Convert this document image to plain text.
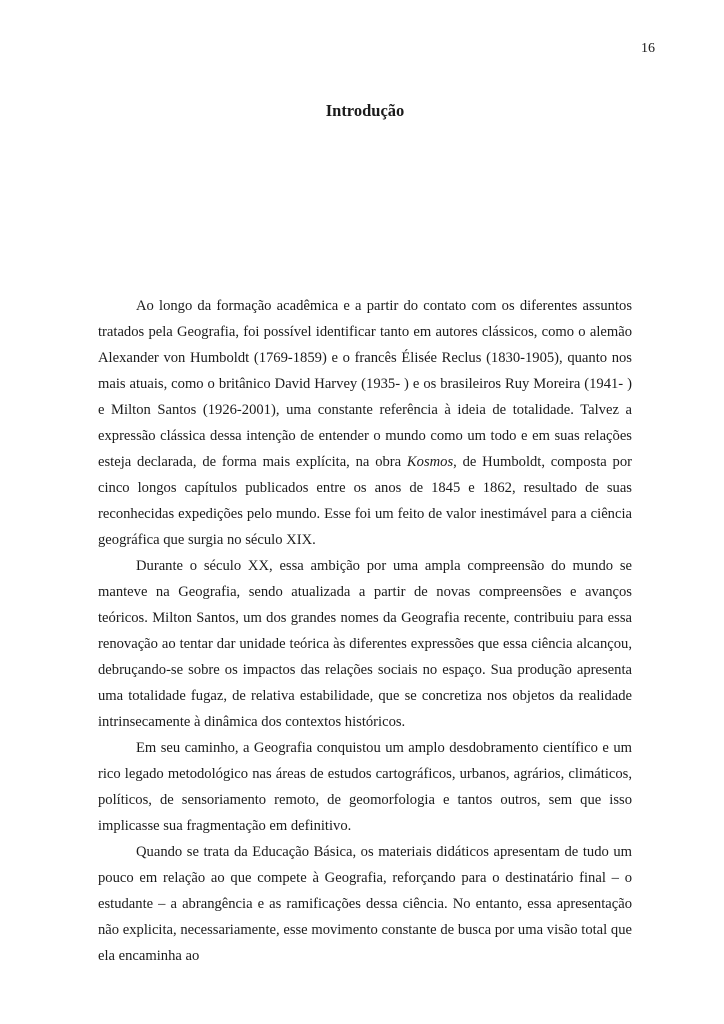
16
Introdução

Ao longo da formação acadêmica e a partir do contato com os diferentes assuntos tratados pela Geografia, foi possível identificar tanto em autores clássicos, como o alemão Alexander von Humboldt (1769-1859) e o francês Élisée Reclus (1830-1905), quanto nos mais atuais, como o britânico David Harvey (1935- ) e os brasileiros Ruy Moreira (1941- ) e Milton Santos (1926-2001), uma constante referência à ideia de totalidade. Talvez a expressão clássica dessa intenção de entender o mundo como um todo e em suas relações esteja declarada, de forma mais explícita, na obra Kosmos, de Humboldt, composta por cinco longos capítulos publicados entre os anos de 1845 e 1862, resultado de suas reconhecidas expedições pelo mundo. Esse foi um feito de valor inestimável para a ciência geográfica que surgia no século XIX.

Durante o século XX, essa ambição por uma ampla compreensão do mundo se manteve na Geografia, sendo atualizada a partir de novas compreensões e avanços teóricos. Milton Santos, um dos grandes nomes da Geografia recente, contribuiu para essa renovação ao tentar dar unidade teórica às diferentes expressões que essa ciência alcançou, debruçando-se sobre os impactos das relações sociais no espaço. Sua produção apresenta uma totalidade fugaz, de relativa estabilidade, que se concretiza nos objetos da realidade intrinsecamente à dinâmica dos contextos históricos.

Em seu caminho, a Geografia conquistou um amplo desdobramento científico e um rico legado metodológico nas áreas de estudos cartográficos, urbanos, agrários, climáticos, políticos, de sensoriamento remoto, de geomorfologia e tantos outros, sem que isso implicasse sua fragmentação em definitivo.

Quando se trata da Educação Básica, os materiais didáticos apresentam de tudo um pouco em relação ao que compete à Geografia, reforçando para o destinatário final – o estudante – a abrangência e as ramificações dessa ciência. No entanto, essa apresentação não explicita, necessariamente, esse movimento constante de busca por uma visão total que ela encaminha ao
